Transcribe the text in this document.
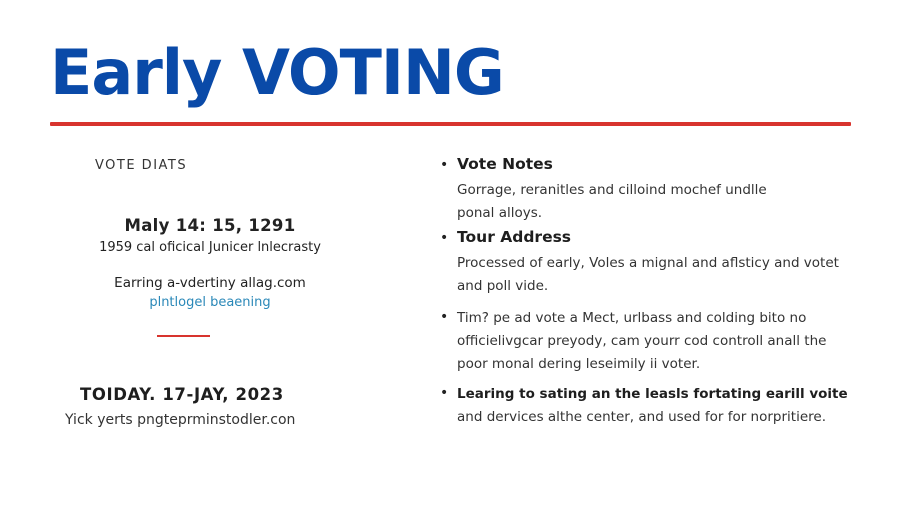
Early VOTING
VOTE DIATS
Maly 14: 15, 1291
1959 cal oficical Junicer lnlecrasty
Earring a-vdertiny allag.com
plntlogel beaening
TOIDAY. 17-JAY, 2023
Yick yerts pngteprminstodler.con
• Vote Notes
Gorrage, reranitles and cilloind mochef undlle
ponal alloys.
• Tour Address
Processed of early, Voles a mignal and aflsticy and votet
and poll vide.
• Tim? pe ad vote a Mect, urlbass and colding bito no
officielivgcar preyody, cam yourr cod controll anall the
poor monal dering leseimily ii voter.
• Learing to sating an the leasls fortating earill voite
and dervices althe center, and used for for norpritiere.
